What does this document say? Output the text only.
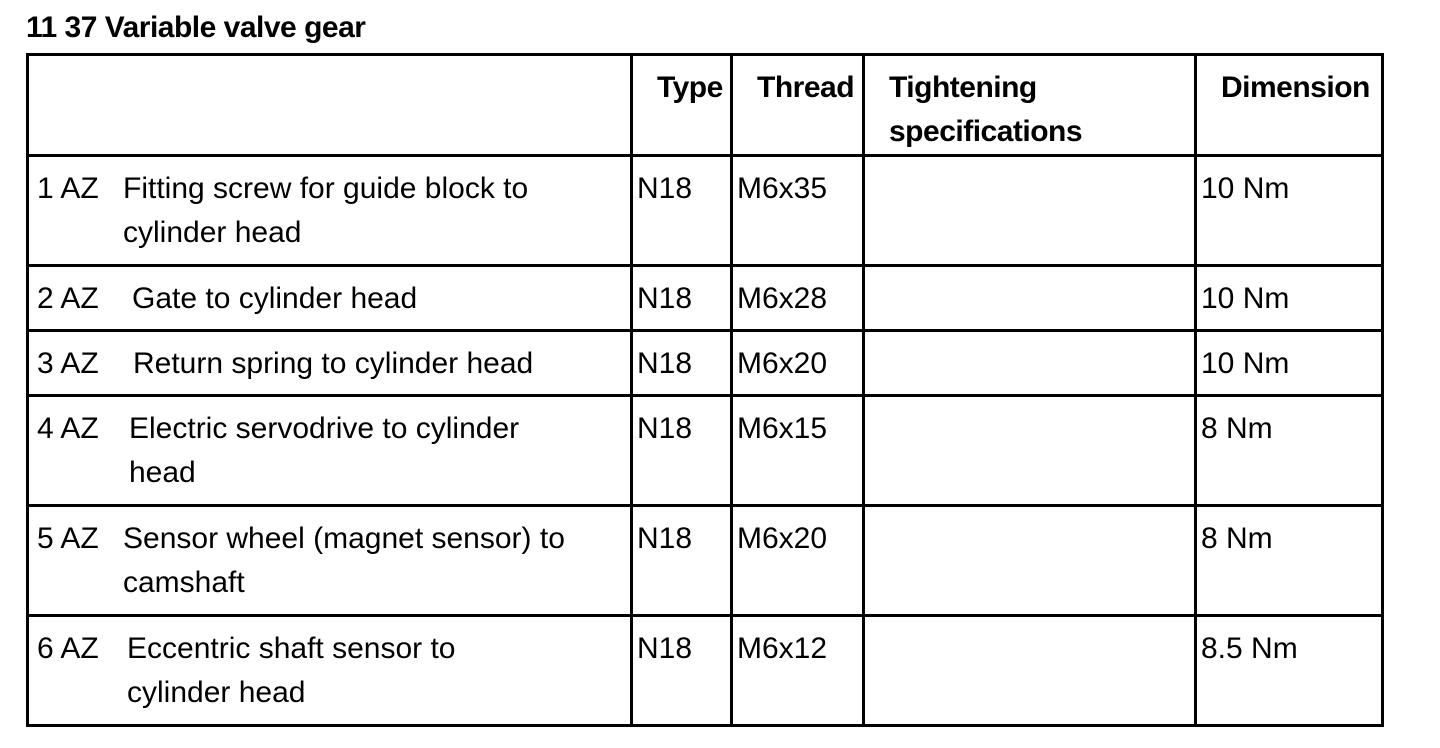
11 37 Variable valve gear

	Type	Thread	Tightening specifications	Dimension

1 AZ Fitting screw for guide block to cylinder head	N18	M6x35		10 Nm

2 AZ Gate to cylinder head	N18	M6x28		10 Nm

3 AZ Return spring to cylinder head	N18	M6x20		10 Nm

4 AZ Electric servodrive to cylinder head	N18	M6x15		8 Nm

5 AZ Sensor wheel (magnet sensor) to camshaft	N18	M6x20		8 Nm

6 AZ Eccentric shaft sensor to cylinder head	N18	M6x12		8.5 Nm
